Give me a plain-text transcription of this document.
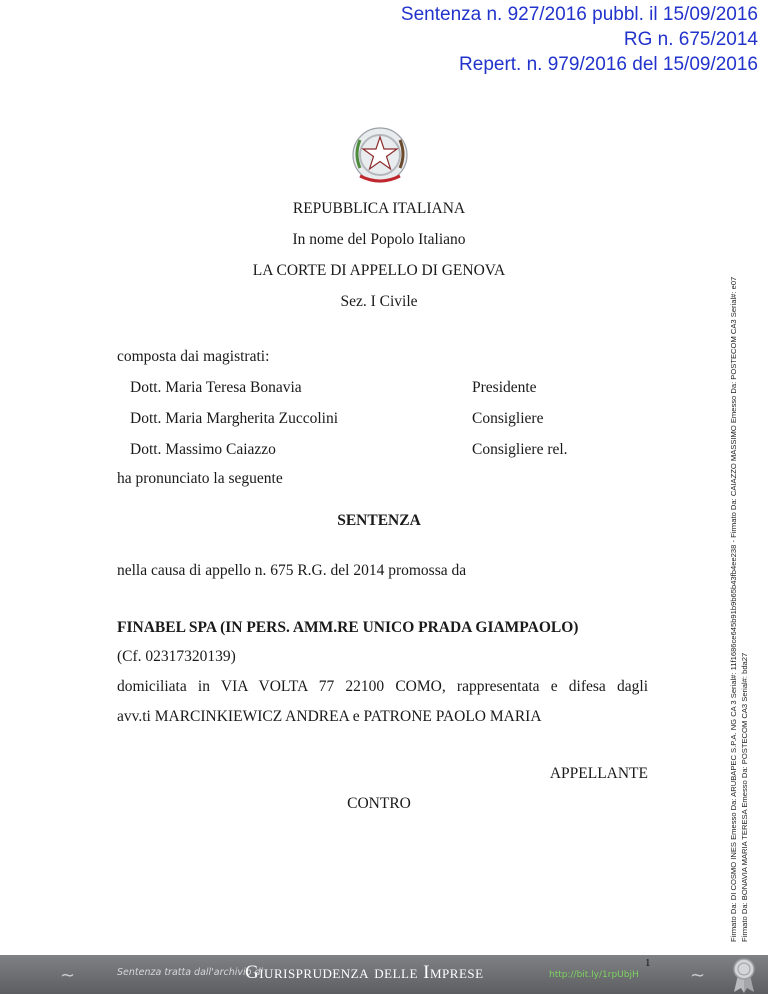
Sentenza n. 927/2016 pubbl. il 15/09/2016
RG n. 675/2014
Repert. n. 979/2016 del 15/09/2016
REPUBBLICA ITALIANA
In nome del Popolo Italiano
LA CORTE DI APPELLO DI GENOVA
Sez. I Civile
composta dai magistrati:
Dott. Maria Teresa Bonavia	Presidente
Dott. Maria Margherita Zuccolini	Consigliere
Dott. Massimo Caiazzo	Consigliere rel.
ha pronunciato la seguente
SENTENZA
nella causa di appello n. 675 R.G. del 2014 promossa da
FINABEL SPA (IN PERS. AMM.RE UNICO PRADA GIAMPAOLO)
(Cf. 02317320139)
domiciliata in VIA VOLTA 77 22100 COMO, rappresentata e difesa dagli
avv.ti MARCINKIEWICZ ANDREA e PATRONE PAOLO MARIA
APPELLANTE
CONTRO	Firmato Da: DI COSMO INES Emesso Da: ARUBAPEC S.P.A. NG CA 3 Serial#: 11f1686ce645b91b9b65b43fb4ee238 - Firmato Da: CAIAZZO MASSIMO Emesso Da: POSTECOM CA3 Serial#: e07 Firmato Da: BONAVIA MARIA TERESA Emesso Da: POSTECOM CA3 Serial#: bda27
∼	Sentenza tratta dall'archivio di
Giurisprudenza delle Imprese	http://bit.ly/1rpUbjH
1
∼
